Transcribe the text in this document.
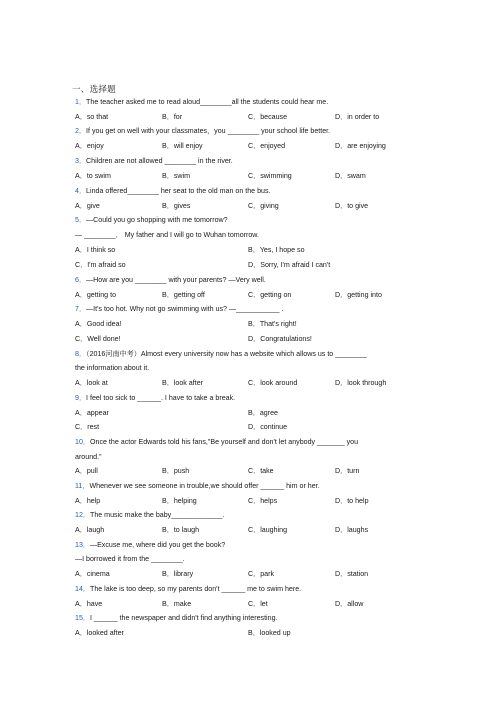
一、选择题
1．The teacher asked me to read aloud________all the students could hear me.
A．so that	B．for	C．because	D．in order to
2．If you get on well with your classmates，you ________ your school life better.
A．enjoy	B．will enjoy	C．enjoyed	D．are enjoying
3．Children are not allowed ________ in the river.
A．to swim	B．swim	C．swimming	D．swam
4．Linda offered________ her seat to the old man on the bus.
A．give	B．gives	C．giving	D．to give
5．—Could you go shopping with me tomorrow?
— ________． My father and I will go to Wuhan tomorrow.
A．I think so	B．Yes, I hope so
C．I'm afraid so	D．Sorry, I'm afraid I can't
6．—How are you ________ with your parents? —Very well.
A．getting to	B．getting off	C．getting on	D．getting into
7．—It's too hot. Why not go swimming with us? —___________ .
A．Good idea!	B．That's right!
C．Well done!	D．Congratulations!
8．（2016河南中考）Almost every university now has a website which allows us to ________
the information about it.
A．look at	B．look after	C．look around	D．look through
9．I feel too sick to ______. I have to take a break.
A．appear	B．agree
C．rest	D．continue
10．Once the actor Edwards told his fans,"Be yourself and don't let anybody _______ you
around."
A．pull	B．push	C．take	D．turn
11．Whenever we see someone in trouble,we should offer ______ him or her.
A．help	B．helping	C．helps	D．to help
12．The music make the baby_____________.
A．laugh	B．to laugh	C．laughing	D．laughs
13．—Excuse me, where did you get the book?
—I borrowed it from the ________.
A．cinema	B．library	C．park	D．station
14．The lake is too deep, so my parents don't ______ me to swim here.
A．have	B．make	C．let	D．allow
15．I ______ the newspaper and didn't find anything interesting.
A．looked after	B．looked up
